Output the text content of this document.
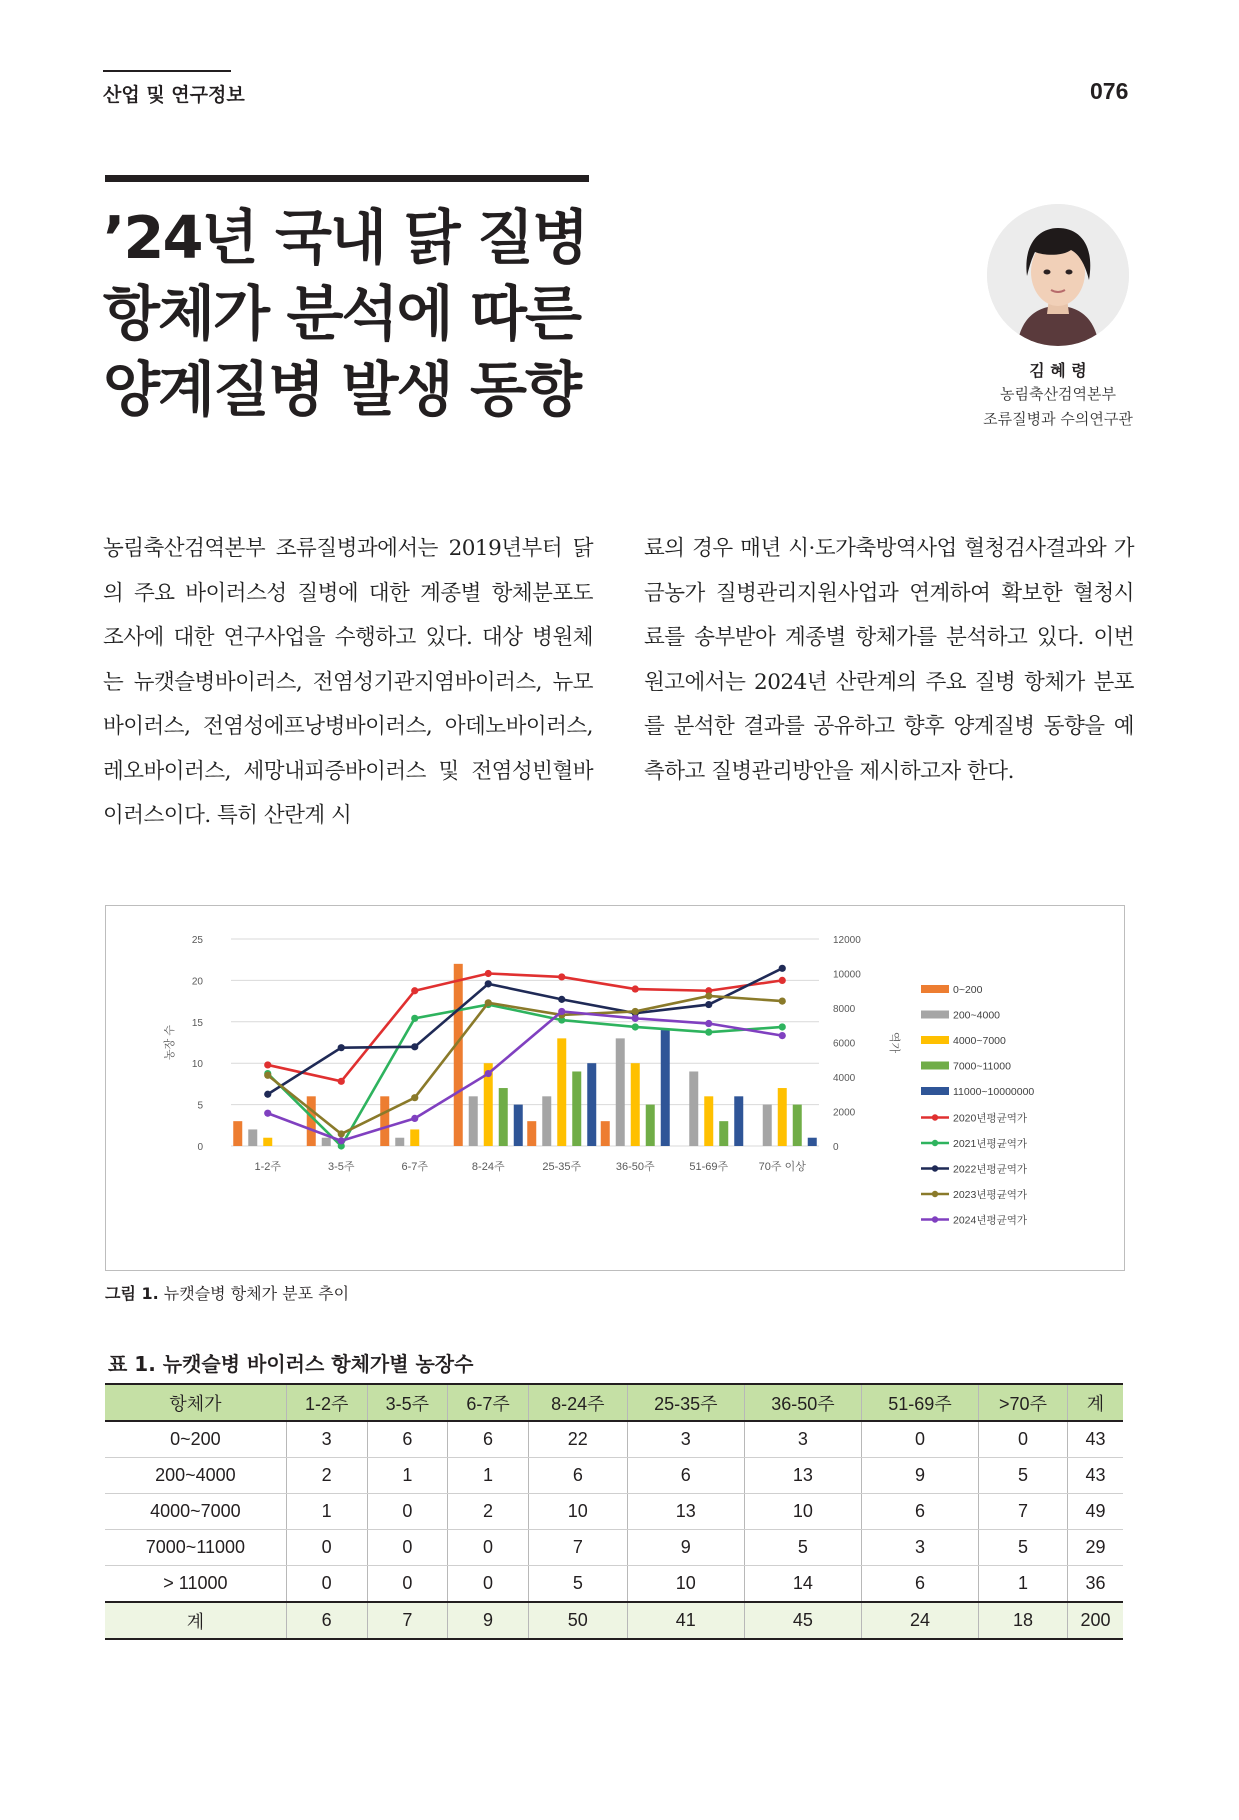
산업 및 연구정보	076
’24년 국내 닭 질병
항체가 분석에 따른
양계질병 발생 동향	김 혜 령
농림축산검역본부
조류질병과 수의연구관
농림축산검역본부 조류질병과에서는 2019년부터 닭의 주요 바이러스성 질병에 대한 계종별 항체분포도 조사에 대한 연구사업을 수행하고 있다. 대상 병원체는 뉴캣슬병바이러스, 전염성기관지염바이러스, 뉴모바이러스, 전염성에프낭병바이러스, 아데노바이러스, 레오바이러스, 세망내피증바이러스 및 전염성빈혈바이러스이다. 특히 산란계 시
료의 경우 매년 시·도가축방역사업 혈청검사결과와 가금농가 질병관리지원사업과 연계하여 확보한 혈청시료를 송부받아 계종별 항체가를 분석하고 있다. 이번 원고에서는 2024년 산란계의 주요 질병 항체가 분포를 분석한 결과를 공유하고 향후 양계질병 동향을 예측하고 질병관리방안을 제시하고자 한다.
0
5
10
15
20
25
0
2000
4000
6000
8000
10000
12000
농장 수	역가
1-2주	3-5주	6-7주	8-24주	25-35주	36-50주	51-69주	70주 이상
0~200
200~4000
4000~7000
7000~11000
11000~10000000
2020년평균역가
2021년평균역가
2022년평균역가
2023년평균역가
2024년평균역가
그림 1. 뉴캣슬병 항체가 분포 추이
표 1. 뉴캣슬병 바이러스 항체가별 농장수
항체가	1-2주	3-5주	6-7주	8-24주	25-35주	36-50주	51-69주	>70주	계
0~200	3	6	6	22	3	3	0	0	43
200~4000	2	1	1	6	6	13	9	5	43
4000~7000	1	0	2	10	13	10	6	7	49
7000~11000	0	0	0	7	9	5	3	5	29
> 11000	0	0	0	5	10	14	6	1	36
계	6	7	9	50	41	45	24	18	200
